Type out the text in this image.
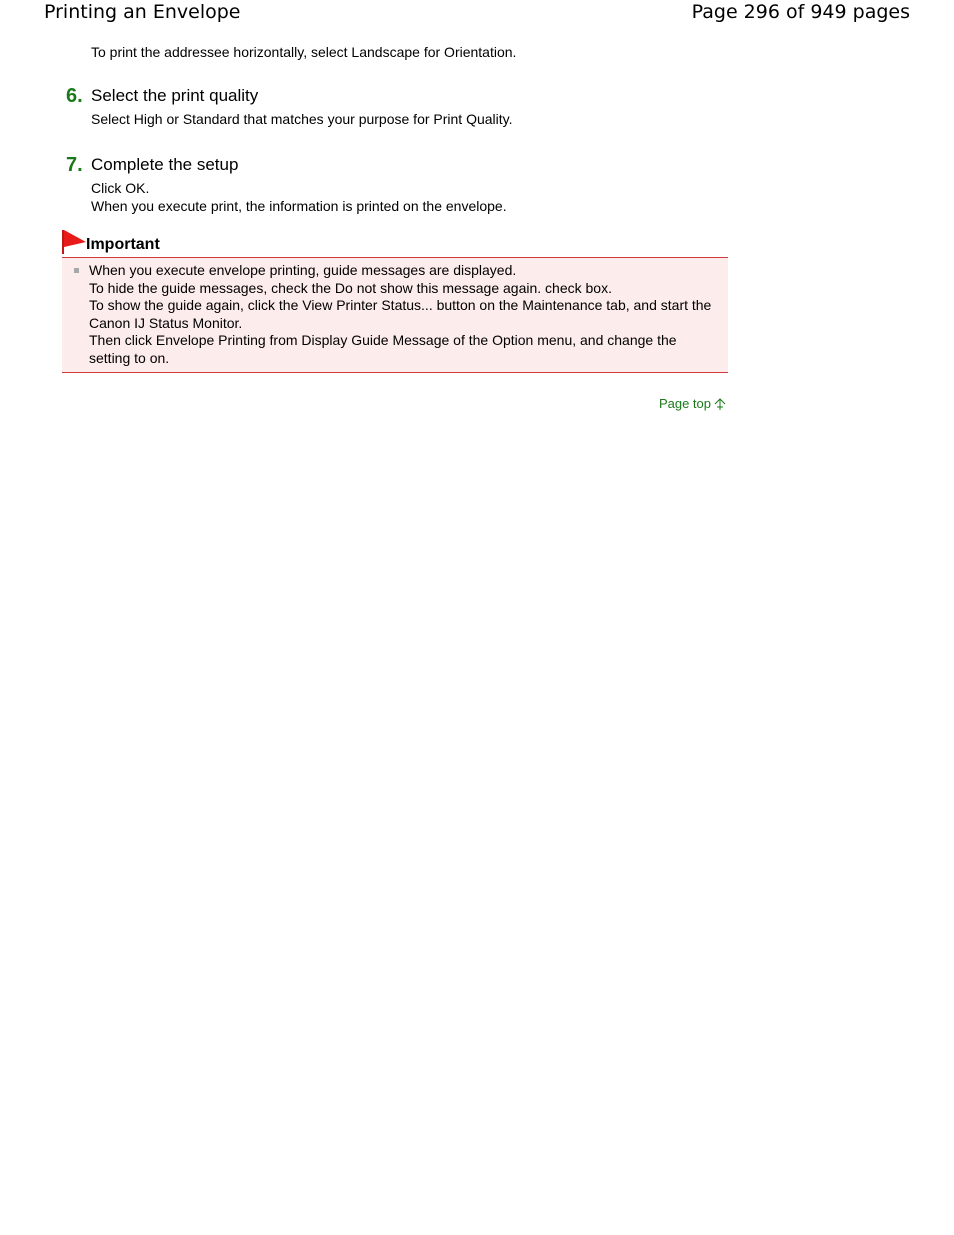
Printing an Envelope	Page 296 of 949 pages
To print the addressee horizontally, select Landscape for Orientation.
6. Select the print quality
Select High or Standard that matches your purpose for Print Quality.
7. Complete the setup
Click OK.
When you execute print, the information is printed on the envelope.
Important
When you execute envelope printing, guide messages are displayed.
To hide the guide messages, check the Do not show this message again. check box.
To show the guide again, click the View Printer Status... button on the Maintenance tab, and start the
Canon IJ Status Monitor.
Then click Envelope Printing from Display Guide Message of the Option menu, and change the
setting to on.
Page top
